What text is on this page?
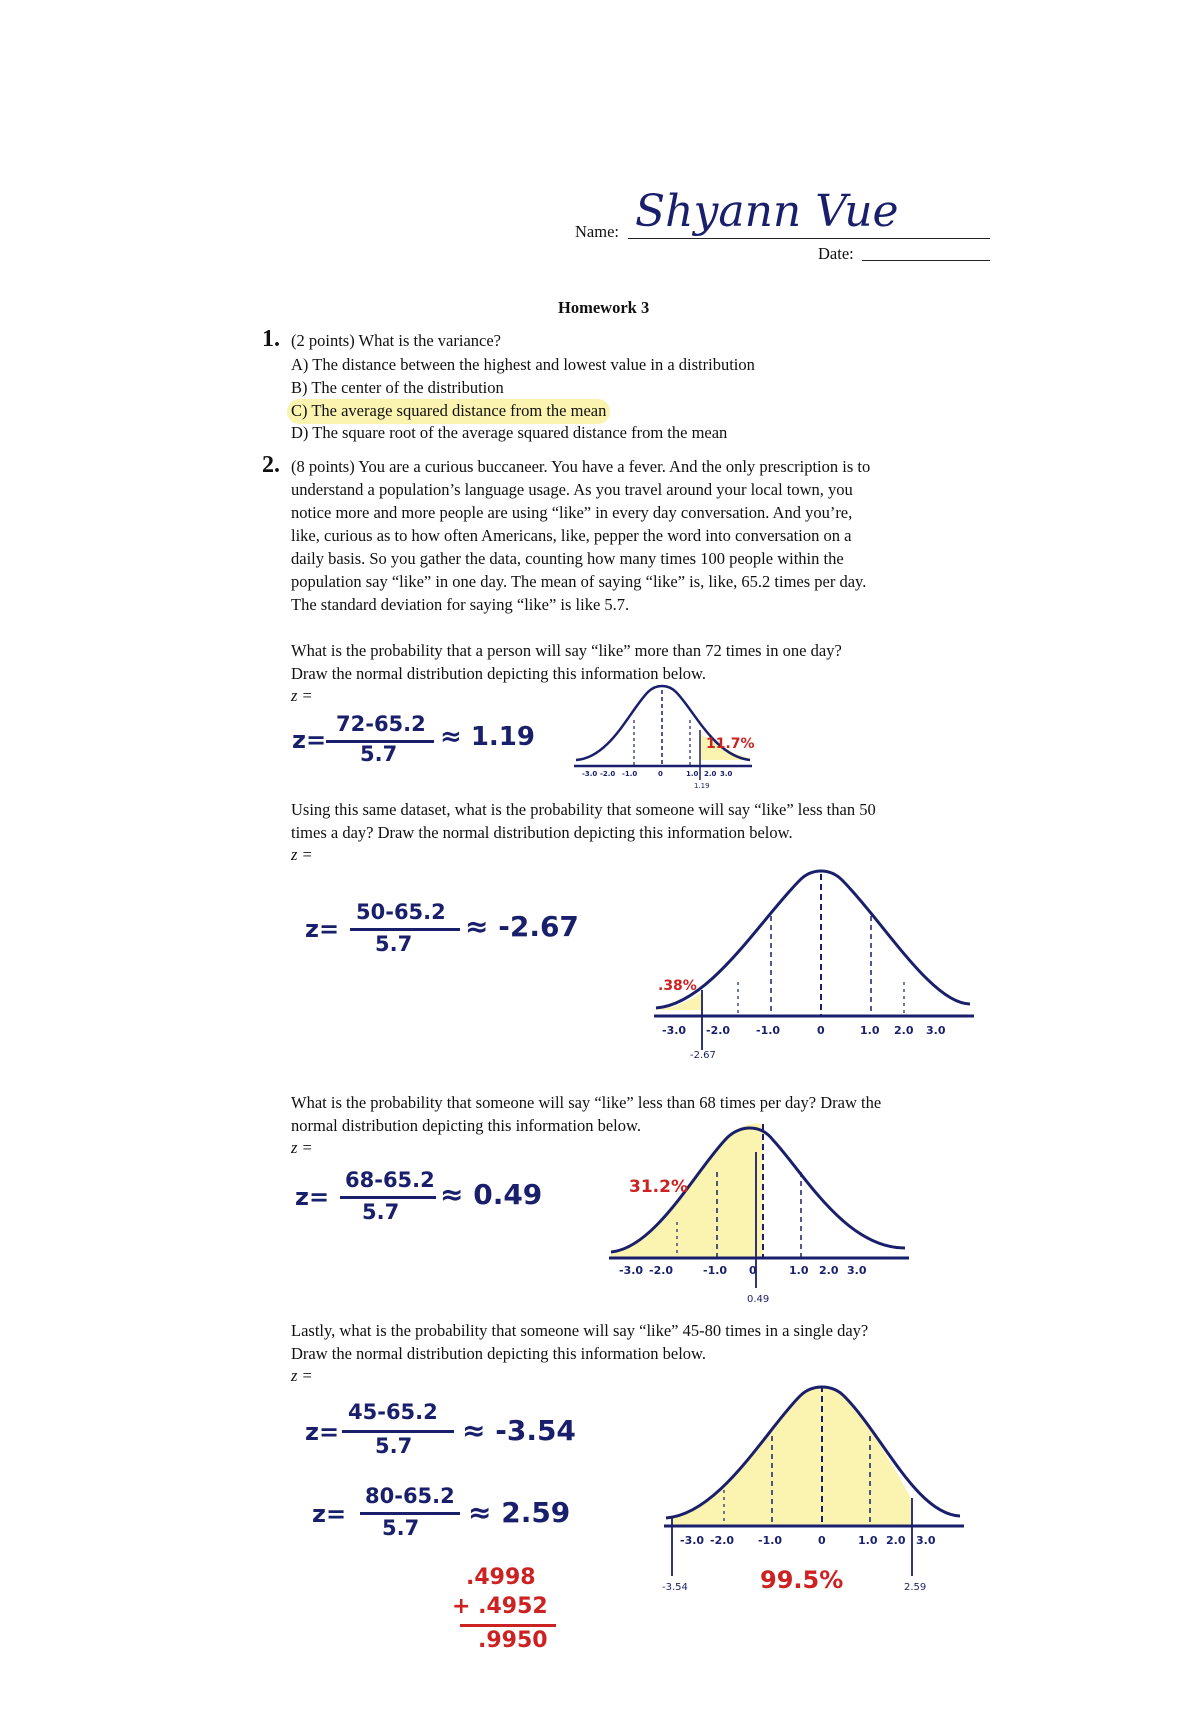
Name: Shyann Vue
Date:
Homework 3
1. (2 points) What is the variance?
A) The distance between the highest and lowest value in a distribution
B) The center of the distribution
C) The average squared distance from the mean
D) The square root of the average squared distance from the mean
2. (8 points) You are a curious buccaneer. You have a fever. And the only prescription is to
understand a population’s language usage. As you travel around your local town, you
notice more and more people are using “like” in every day conversation. And you’re,
like, curious as to how often Americans, like, pepper the word into conversation on a
daily basis. So you gather the data, counting how many times 100 people within the
population say “like” in one day. The mean of saying “like” is, like, 65.2 times per day.
The standard deviation for saying “like” is like 5.7.
What is the probability that a person will say “like” more than 72 times in one day?
Draw the normal distribution depicting this information below.
z =
z=
72-65.2
5.7
≈ 1.19
-3.0 -2.0 -1.0	0	1.0 2.0 3.0
1.19
11.7%
Using this same dataset, what is the probability that someone will say “like” less than 50
times a day? Draw the normal distribution depicting this information below.
z =
z=
50-65.2
5.7
≈ -2.67
-3.0 -2.0 -1.0	0	1.0 2.0 3.0
-2.67
.38%
What is the probability that someone will say “like” less than 68 times per day? Draw the
normal distribution depicting this information below.
z =
z=
68-65.2
5.7
≈ 0.49
-3.0 -2.0	-1.0 0	1.0 2.0 3.0
0.49
31.2%
Lastly, what is the probability that someone will say “like” 45-80 times in a single day?
Draw the normal distribution depicting this information below.
z =
z=
45-65.2
5.7 ≈ -3.54
z=
80-65.2
5.7 ≈ 2.59
.4998
+ .4952
.9950
-3.0 -2.0 -1.0	0	1.0 2.0 3.0
-3.54	2.59
99.5%
